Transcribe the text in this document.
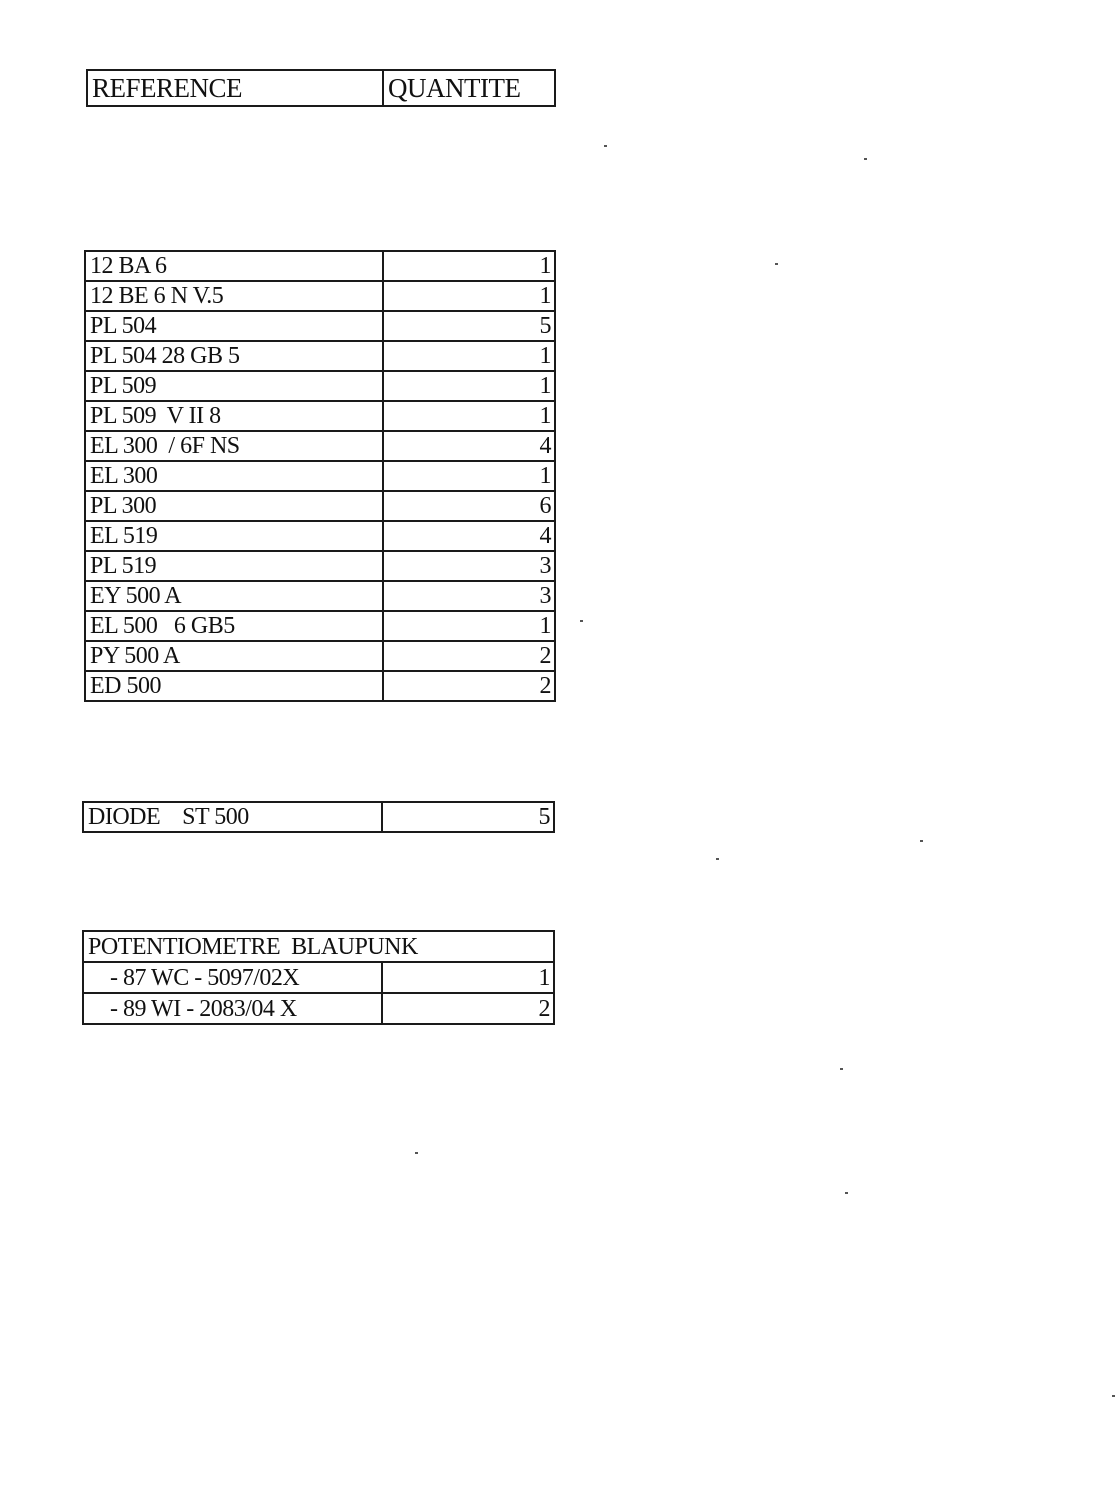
REFERENCE	QUANTITE
12 BA 6	1
12 BE 6 N V.5	1
PL 504	5
PL 504 28 GB 5	1
PL 509	1
PL 509  V II 8	1
EL 300  / 6F NS	4
EL 300	1
PL 300	6
EL 519	4
PL 519	3
EY 500 A	3
EL 500   6 GB5	1
PY 500 A	2
ED 500	2
DIODE    ST 500	5
POTENTIOMETRE  BLAUPUNK	
- 87 WC - 5097/02X	1
- 89 WI - 2083/04 X	2
